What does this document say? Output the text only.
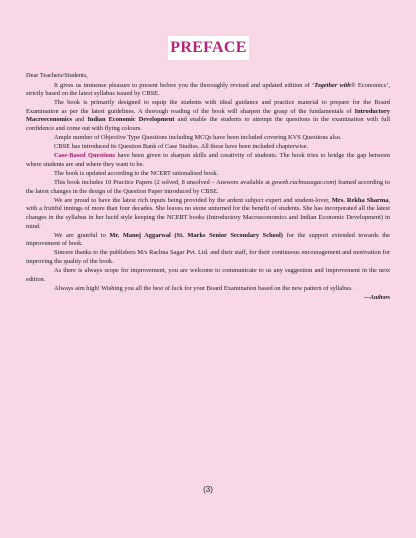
PREFACE

Dear Teachers/Students,

It gives us immense pleasure to present before you the thoroughly revised and updated edition of ‘Together with® Economics’, strictly based on the latest syllabus issued by CBSE.

The book is primarily designed to equip the students with ideal guidance and practice material to prepare for the Board Examination as per the latest guidelines. A thorough reading of the book will sharpen the grasp of the fundamentals of Introductory Macroeconomics and Indian Economic Development and enable the students to attempt the questions in the examination with full confidence and come out with flying colours.

Ample number of Objective Type Questions including MCQs have been included covering KVS Questions also.

CBSE has introduced its Question Bank of Case Studies. All these have been included chapterwise.

Case-Based Questions have been given to sharpen skills and creativity of students. The book tries to bridge the gap between where students are and where they want to be.

The book is updated according to the NCERT rationalised book.

This book includes 10 Practice Papers (2 solved, 8 unsolved – Answers available at goweb.rachnasagar.com) framed according to the latest changes in the design of the Question Paper introduced by CBSE.

We are proud to have the latest rich inputs being provided by the ardent subject expert and student-lover, Mrs. Rekha Sharma, with a fruitful innings of more than four decades. She leaves no stone unturned for the benefit of students. She has incorporated all the latest changes in the syllabus in her lucid style keeping the NCERT books (Introductory Macroeconomics and Indian Economic Development) in mind.

We are grateful to Mr. Manoj Aggarwal (St. Marks Senior Secondary School) for the support extended towards the improvement of book.

Sincere thanks to the publishers M/s Rachna Sagar Pvt. Ltd. and their staff, for their continuous encouragement and motivation for improving the quality of the book.

As there is always scope for improvement, you are welcome to communicate to us any suggestion and improvement in the next edition.

Always aim high! Wishing you all the best of luck for your Board Examination based on the new pattern of syllabus.

—Authors
(3)
